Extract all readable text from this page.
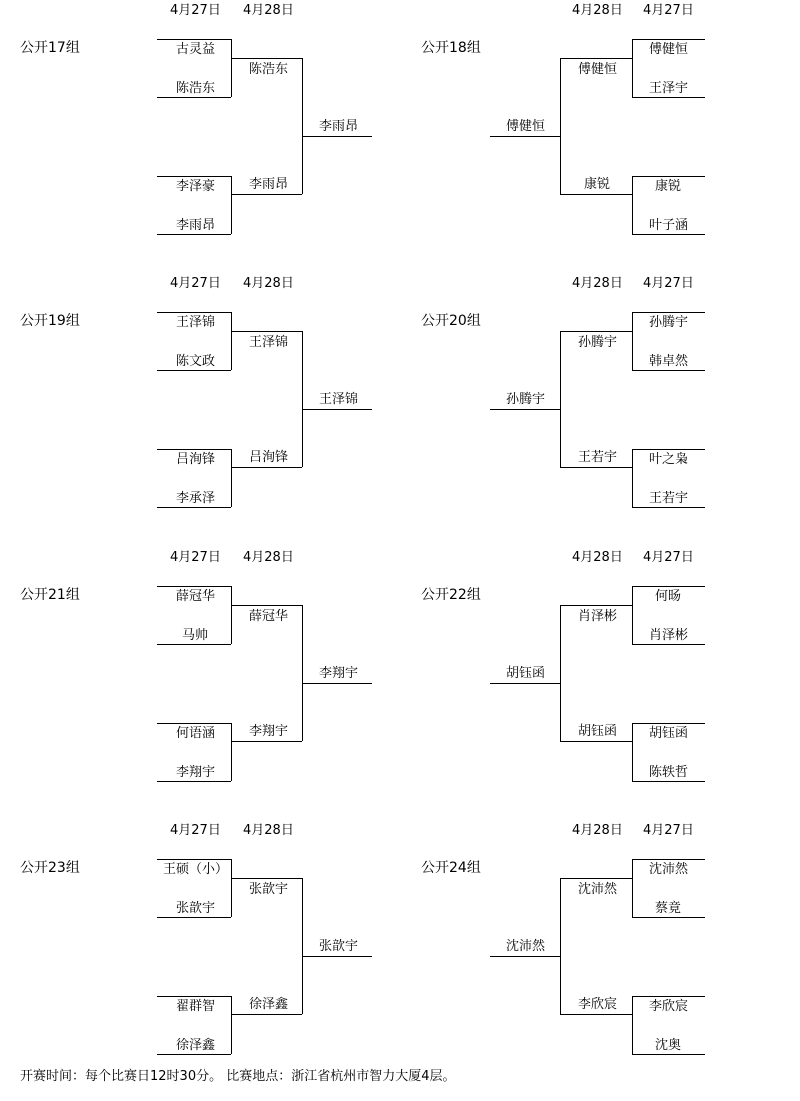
4月27日 4月28日
公开17组	古灵益
陈浩东
李泽豪
李雨昂
陈浩东
李雨昂
李雨昂
4月28日 4月27日
公开18组	傅健恒
王泽宇
康锐
叶子涵
傅健恒
康锐
傅健恒
4月27日 4月28日
公开19组	王泽锦
陈文政
吕洵锋
李承泽
王泽锦
吕洵锋
王泽锦
4月28日 4月27日
公开20组	孙腾宇
韩卓然
叶之枭
王若宇
孙腾宇
王若宇
孙腾宇
4月27日 4月28日
公开21组	薛冠华
马帅
何语涵
李翔宇
薛冠华
李翔宇
李翔宇
4月28日 4月27日
公开22组	何旸
肖泽彬
胡钰函
陈轶哲
肖泽彬
胡钰函
胡钰函
4月27日 4月28日
公开23组	王硕（小）
张歆宇
翟群智
徐泽鑫
张歆宇
徐泽鑫
张歆宇
4月28日 4月27日
公开24组	沈沛然
蔡竟
李欣宸
沈奥
沈沛然
李欣宸
沈沛然
开赛时间：每个比赛日12时30分。 比赛地点：浙江省杭州市智力大厦4层。
